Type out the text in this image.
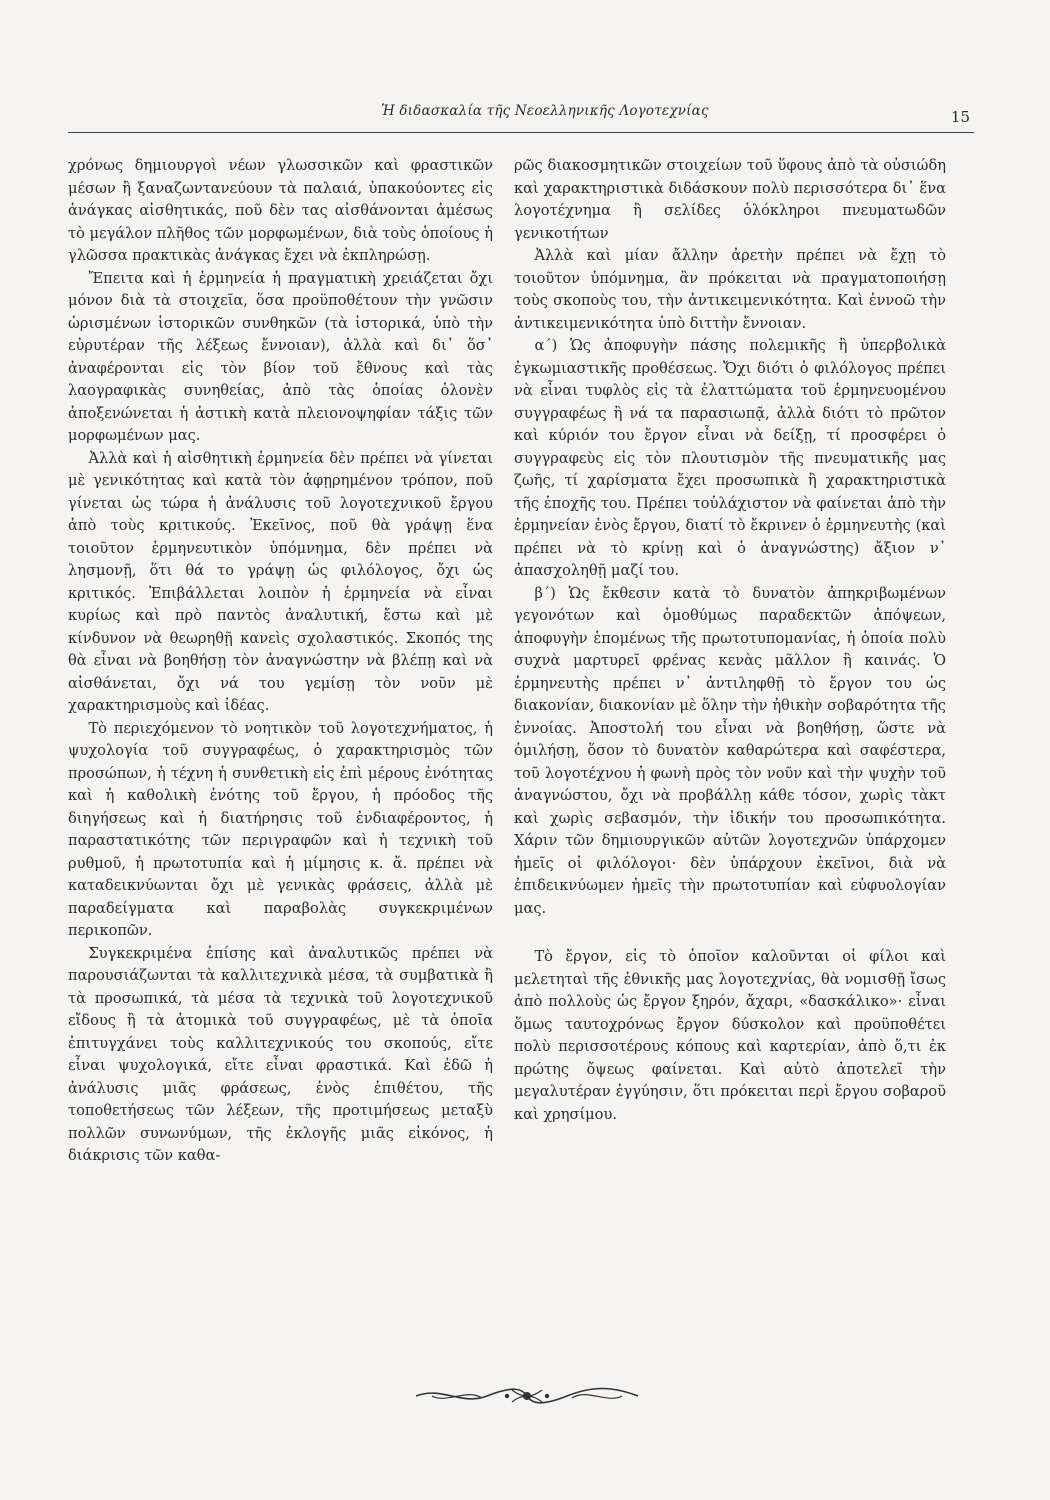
Ἡ διδασκαλία τῆς Νεοελληνικῆς Λογοτεχνίας	15

χρόνως δημιουργοὶ νέων γλωσσικῶν καὶ φραστικῶν μέσων ἢ ξαναζωντανεύουν τὰ παλαιά, ὑπακούοντες εἰς ἀνάγκας αἰσθητικάς, ποῦ δὲν τας αἰσθάνονται ἀμέσως τὸ μεγάλον πλῆθος τῶν μορφωμένων, διὰ τοὺς ὁποίους ἡ γλῶσσα πρακτικὰς ἀνάγκας ἔχει νὰ ἐκπληρώσῃ.

Ἔπειτα καὶ ἡ ἑρμηνεία ἡ πραγματικὴ χρειάζεται ὄχι μόνον διὰ τὰ στοιχεῖα, ὅσα προϋποθέτουν τὴν γνῶσιν ὡρισμένων ἱστορικῶν συνθηκῶν (τὰ ἱστορικά, ὑπὸ τὴν εὐρυτέραν τῆς λέξεως ἔννοιαν), ἀλλὰ καὶ δι᾽ ὅσ᾽ ἀναφέρονται εἰς τὸν βίον τοῦ ἔθνους καὶ τὰς λαογραφικὰς συνηθείας, ἀπὸ τὰς ὁποίας ὁλονὲν ἀποξενώνεται ἡ ἀστικὴ κατὰ πλειονοψηφίαν τάξις τῶν μορφωμένων μας.

Ἀλλὰ καὶ ἡ αἰσθητικὴ ἑρμηνεία δὲν πρέπει νὰ γίνεται μὲ γενικότητας καὶ κατὰ τὸν ἀφῃρημένον τρόπον, ποῦ γίνεται ὡς τώρα ἡ ἀνάλυσις τοῦ λογοτεχνικοῦ ἔργου ἀπὸ τοὺς κριτικούς. Ἐκεῖνος, ποῦ θὰ γράψῃ ἕνα τοιοῦτον ἑρμηνευτικὸν ὑπόμνημα, δὲν πρέπει νὰ λησμονῇ, ὅτι θά το γράψῃ ὡς φιλόλογος, ὄχι ὡς κριτικός. Ἐπιβάλλεται λοιπὸν ἡ ἑρμηνεία νὰ εἶναι κυρίως καὶ πρὸ παντὸς ἀναλυτική, ἔστω καὶ μὲ κίνδυνον νὰ θεωρηθῇ κανεὶς σχολαστικός. Σκοπός της θὰ εἶναι νὰ βοηθήσῃ τὸν ἀναγνώστην νὰ βλέπῃ καὶ νὰ αἰσθάνεται, ὄχι νά του γεμίσῃ τὸν νοῦν μὲ χαρακτηρισμοὺς καὶ ἰδέας.

Τὸ περιεχόμενον τὸ νοητικὸν τοῦ λογοτεχνήματος, ἡ ψυχολογία τοῦ συγγραφέως, ὁ χαρακτηρισμὸς τῶν προσώπων, ἡ τέχνη ἡ συνθετικὴ εἰς ἐπὶ μέρους ἑνότητας καὶ ἡ καθολικὴ ἑνότης τοῦ ἔργου, ἡ πρόοδος τῆς διηγήσεως καὶ ἡ διατήρησις τοῦ ἐνδιαφέροντος, ἡ παραστατικότης τῶν περιγραφῶν καὶ ἡ τεχνικὴ τοῦ ρυθμοῦ, ἡ πρωτοτυπία καὶ ἡ μίμησις κ. ἄ. πρέπει νὰ καταδεικνύωνται ὄχι μὲ γενικὰς φράσεις, ἀλλὰ μὲ παραδείγματα καὶ παραβολὰς συγκεκριμένων περικοπῶν.

Συγκεκριμένα ἐπίσης καὶ ἀναλυτικῶς πρέπει νὰ παρουσιάζωνται τὰ καλλιτεχνικὰ μέσα, τὰ συμβατικὰ ἢ τὰ προσωπικά, τὰ μέσα τὰ τεχνικὰ τοῦ λογοτεχνικοῦ εἴδους ἢ τὰ ἀτομικὰ τοῦ συγγραφέως, μὲ τὰ ὁποῖα ἐπιτυγχάνει τοὺς καλλιτεχνικούς του σκοπούς, εἴτε εἶναι ψυχολογικά, εἴτε εἶναι φραστικά. Καὶ ἐδῶ ἡ ἀνάλυσις μιᾶς φράσεως, ἑνὸς ἐπιθέτου, τῆς τοποθετήσεως τῶν λέξεων, τῆς προτιμήσεως μεταξὺ πολλῶν συνωνύμων, τῆς ἐκλογῆς μιᾶς εἰκόνος, ἡ διάκρισις τῶν καθα-

ρῶς διακοσμητικῶν στοιχείων τοῦ ὕφους ἀπὸ τὰ οὐσιώδη καὶ χαρακτηριστικὰ διδάσκουν πολὺ περισσότερα δι᾽ ἕνα λογοτέχνημα ἢ σελίδες ὁλόκληροι πνευματωδῶν γενικοτήτων

Ἀλλὰ καὶ μίαν ἄλλην ἀρετὴν πρέπει νὰ ἔχῃ τὸ τοιοῦτον ὑπόμνημα, ἂν πρόκειται νὰ πραγματοποιήσῃ τοὺς σκοποὺς του, τὴν ἀντικειμενικότητα. Καὶ ἐννοῶ τὴν ἀντικειμενικότητα ὑπὸ διττὴν ἔννοιαν.

α΄) Ὡς ἀποφυγὴν πάσης πολεμικῆς ἢ ὑπερβολικὰ ἐγκωμιαστικῆς προθέσεως. Ὄχι διότι ὁ φιλόλογος πρέπει νὰ εἶναι τυφλὸς εἰς τὰ ἐλαττώματα τοῦ ἑρμηνευομένου συγγραφέως ἢ νά τα παρασιωπᾷ, ἀλλὰ διότι τὸ πρῶτον καὶ κύριόν του ἔργον εἶναι νὰ δείξῃ, τί προσφέρει ὁ συγγραφεὺς εἰς τὸν πλουτισμὸν τῆς πνευματικῆς μας ζωῆς, τί χαρίσματα ἔχει προσωπικὰ ἢ χαρακτηριστικὰ τῆς ἐποχῆς του. Πρέπει τοὐλάχιστον νὰ φαίνεται ἀπὸ τὴν ἑρμηνείαν ἑνὸς ἔργου, διατί τὸ ἔκρινεν ὁ ἑρμηνευτὴς (καὶ πρέπει νὰ τὸ κρίνῃ καὶ ὁ ἀναγνώστης) ἄξιον ν᾽ ἀπασχοληθῇ μαζί του.

β΄) Ὡς ἔκθεσιν κατὰ τὸ δυνατὸν ἀπηκριβωμένων γεγονότων καὶ ὁμοθύμως παραδεκτῶν ἀπόψεων, ἀποφυγὴν ἑπομένως τῆς πρωτοτυπομανίας, ἡ ὁποία πολὺ συχνὰ μαρτυρεῖ φρένας κενὰς μᾶλλον ἢ καινάς. Ὁ ἑρμηνευτὴς πρέπει ν᾽ ἀντιληφθῇ τὸ ἔργον του ὡς διακονίαν, διακονίαν μὲ ὅλην τὴν ἠθικὴν σοβαρότητα τῆς ἐννοίας. Ἀποστολή του εἶναι νὰ βοηθήσῃ, ὥστε νὰ ὁμιλήσῃ, ὅσον τὸ δυνατὸν καθαρώτερα καὶ σαφέστερα, τοῦ λογοτέχνου ἡ φωνὴ πρὸς τὸν νοῦν καὶ τὴν ψυχὴν τοῦ ἀναγνώστου, ὄχι νὰ προβάλλῃ κάθε τόσον, χωρὶς τὰκτ καὶ χωρὶς σεβασμόν, τὴν ἰδικήν του προσωπικότητα. Χάριν τῶν δημιουργικῶν αὐτῶν λογοτεχνῶν ὑπάρχομεν ἡμεῖς οἱ φιλόλογοι· δὲν ὑπάρχουν ἐκεῖνοι, διὰ νὰ ἐπιδεικνύωμεν ἡμεῖς τὴν πρωτοτυπίαν καὶ εὐφυολογίαν μας.

Τὸ ἔργον, εἰς τὸ ὁποῖον καλοῦνται οἱ φίλοι καὶ μελετηταὶ τῆς ἐθνικῆς μας λογοτεχνίας, θὰ νομισθῇ ἴσως ἀπὸ πολλοὺς ὡς ἔργον ξηρόν, ἄχαρι, «δασκάλικο»· εἶναι ὅμως ταυτοχρόνως ἔργον δύσκολον καὶ προϋποθέτει πολὺ περισσοτέρους κόπους καὶ καρτερίαν, ἀπὸ ὅ,τι ἐκ πρώτης ὄψεως φαίνεται. Καὶ αὐτὸ ἀποτελεῖ τὴν μεγαλυτέραν ἐγγύησιν, ὅτι πρόκειται περὶ ἔργου σοβαροῦ καὶ χρησίμου.
